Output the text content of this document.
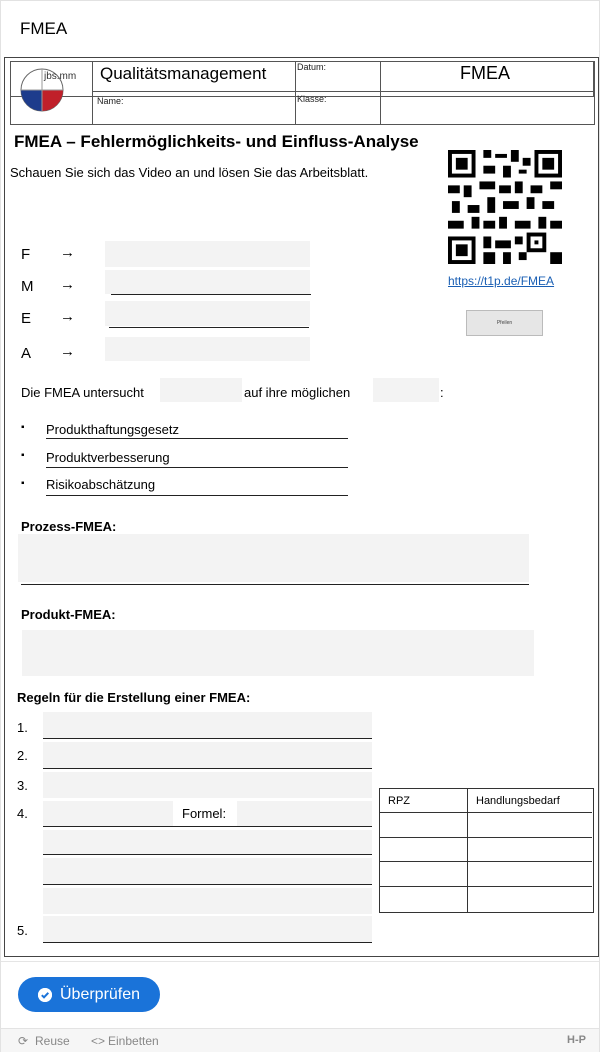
FMEA
jbs.mm Qualitätsmanagement
Name:
Datum:
Klasse:
FMEA
FMEA – Fehlermöglichkeits- und Einfluss-Analyse
Schauen Sie sich das Video an und lösen Sie das Arbeitsblatt.
F →
M →
E →
A →
https://t1p.de/FMEA
Pfeilen
Die FMEA untersucht	auf ihre möglichen	:
▪ Produkthaftungsgesetz
▪ Produktverbesserung
▪ Risikoabschätzung
Prozess-FMEA:
Produkt-FMEA:
Regeln für die Erstellung einer FMEA:
1.
2.
3.
4.	Formel:
5.
RPZ	Handlungsbedarf
Überprüfen
⟳ Reuse <> Einbetten	H-P
